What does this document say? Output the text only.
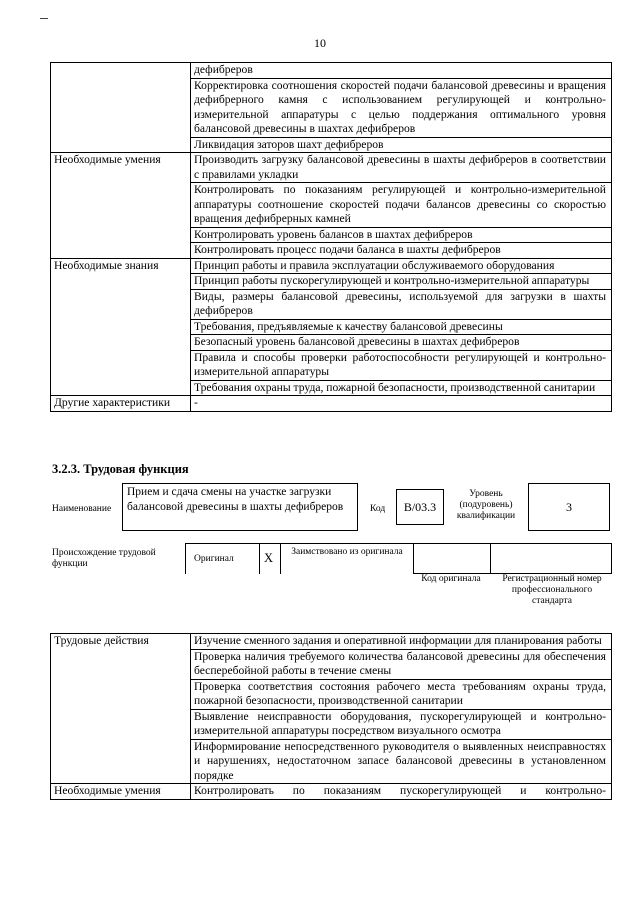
10
	дефибреров
	Корректировка соотношения скоростей подачи балансовой древесины и вращения дефибрерного камня с использованием регулирующей и контрольно-измерительной аппаратуры с целью поддержания оптимального уровня балансовой древесины в шахтах дефибреров
	Ликвидация заторов шахт дефибреров
Необходимые умения	Производить загрузку балансовой древесины в шахты дефибреров в соответствии с правилами укладки
	Контролировать по показаниям регулирующей и контрольно-измерительной аппаратуры соотношение скоростей подачи балансов древесины со скоростью вращения дефибрерных камней
	Контролировать уровень балансов в шахтах дефибреров
	Контролировать процесс подачи баланса в шахты дефибреров
Необходимые знания	Принцип работы и правила эксплуатации обслуживаемого оборудования
	Принцип работы пускорегулирующей и контрольно-измерительной аппаратуры
	Виды, размеры балансовой древесины, используемой для загрузки в шахты дефибреров
	Требования, предъявляемые к качеству балансовой древесины
	Безопасный уровень балансовой древесины в шахтах дефибреров
	Правила и способы проверки работоспособности регулирующей и контрольно-измерительной аппаратуры
	Требования охраны труда, пожарной безопасности, производственной санитарии
Другие характеристики	-
3.2.3. Трудовая функция
Наименование
Прием и сдача смены на участке загрузки балансовой древесины в шахты дефибреров	Код	B/03.3
Уровень (подуровень) квалификации
3
Происхождение трудовой функции	Оригинал X	Заимствовано из оригинала
Код оригинала	Регистрационный номер профессионального стандарта
Трудовые действия	Изучение сменного задания и оперативной информации для планирования работы
	Проверка наличия требуемого количества балансовой древесины для обеспечения бесперебойной работы в течение смены
	Проверка соответствия состояния рабочего места требованиям охраны труда, пожарной безопасности, производственной санитарии
	Выявление неисправности оборудования, пускорегулирующей и контрольно-измерительной аппаратуры посредством визуального осмотра
	Информирование непосредственного руководителя о выявленных неисправностях и нарушениях, недостаточном запасе балансовой древесины в установленном порядке
Необходимые умения	Контролировать по показаниям пускорегулирующей и контрольно-
